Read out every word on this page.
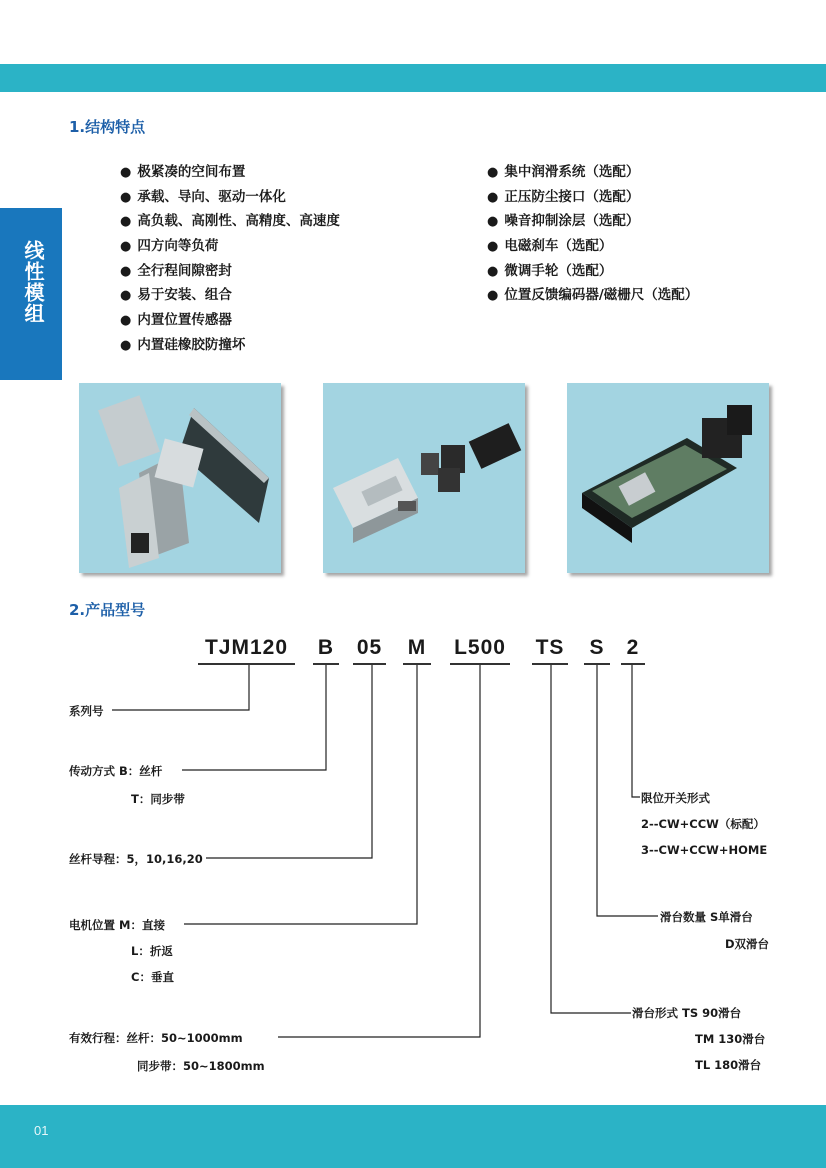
线性模组
1.结构特点
● 极紧凑的空间布置
● 承载、导向、驱动一体化
● 高负载、高刚性、高精度、高速度
● 四方向等负荷
● 全行程间隙密封
● 易于安装、组合
● 内置位置传感器
● 内置硅橡胶防撞坏
● 集中润滑系统（选配）
● 正压防尘接口（选配）
● 噪音抑制涂层（选配）
● 电磁刹车（选配）
● 微调手轮（选配）
● 位置反馈编码器/磁栅尺（选配）
2.产品型号
TJM120	B 05 M L500 TS S 2
系列号
传动方式 B：丝杆
T：同步带
丝杆导程：5，10,16,20
电机位置 M：直接
L：折返
C：垂直
有效行程：丝杆：50~1000mm
同步带：50~1800mm
限位开关形式
2--CW+CCW（标配）
3--CW+CCW+HOME
滑台数量 S单滑台
D双滑台
滑台形式 TS 90滑台
TM 130滑台
TL 180滑台
01
